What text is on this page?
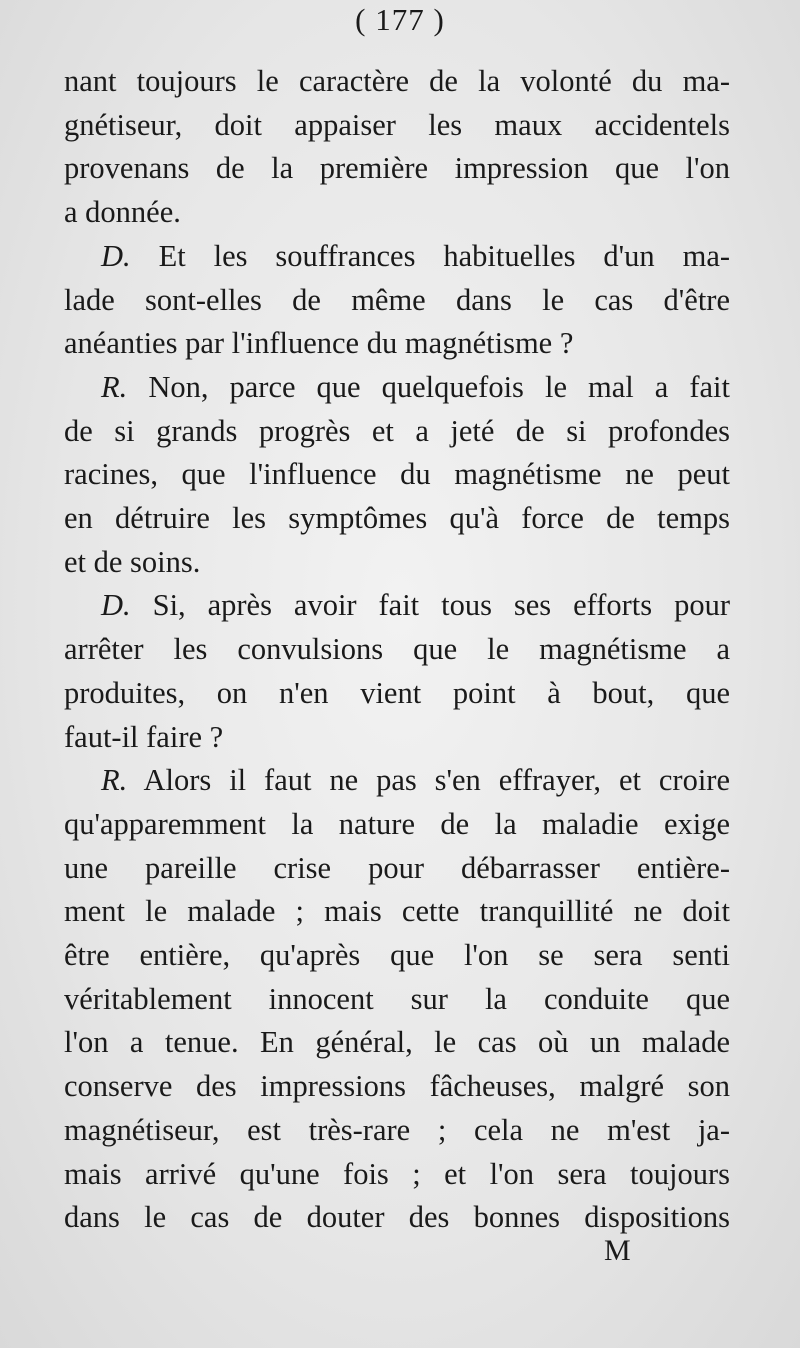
( 177 )
nant toujours le caractère de la volonté du ma-
gnétiseur, doit appaiser les maux accidentels
provenans de la première impression que l'on
a donnée.
D. Et les souffrances habituelles d'un ma-
lade sont-elles de même dans le cas d'être
anéanties par l'influence du magnétisme ?
R. Non, parce que quelquefois le mal a fait
de si grands progrès et a jeté de si profondes
racines, que l'influence du magnétisme ne peut
en détruire les symptômes qu'à force de temps
et de soins.
D. Si, après avoir fait tous ses efforts pour
arrêter les convulsions que le magnétisme a
produites, on n'en vient point à bout, que
faut-il faire ?
R. Alors il faut ne pas s'en effrayer, et croire
qu'apparemment la nature de la maladie exige
une pareille crise pour débarrasser entière-
ment le malade ; mais cette tranquillité ne doit
être entière, qu'après que l'on se sera senti
véritablement innocent sur la conduite que
l'on a tenue. En général, le cas où un malade
conserve des impressions fâcheuses, malgré son
magnétiseur, est très-rare ; cela ne m'est ja-
mais arrivé qu'une fois ; et l'on sera toujours
dans le cas de douter des bonnes dispositions
M
